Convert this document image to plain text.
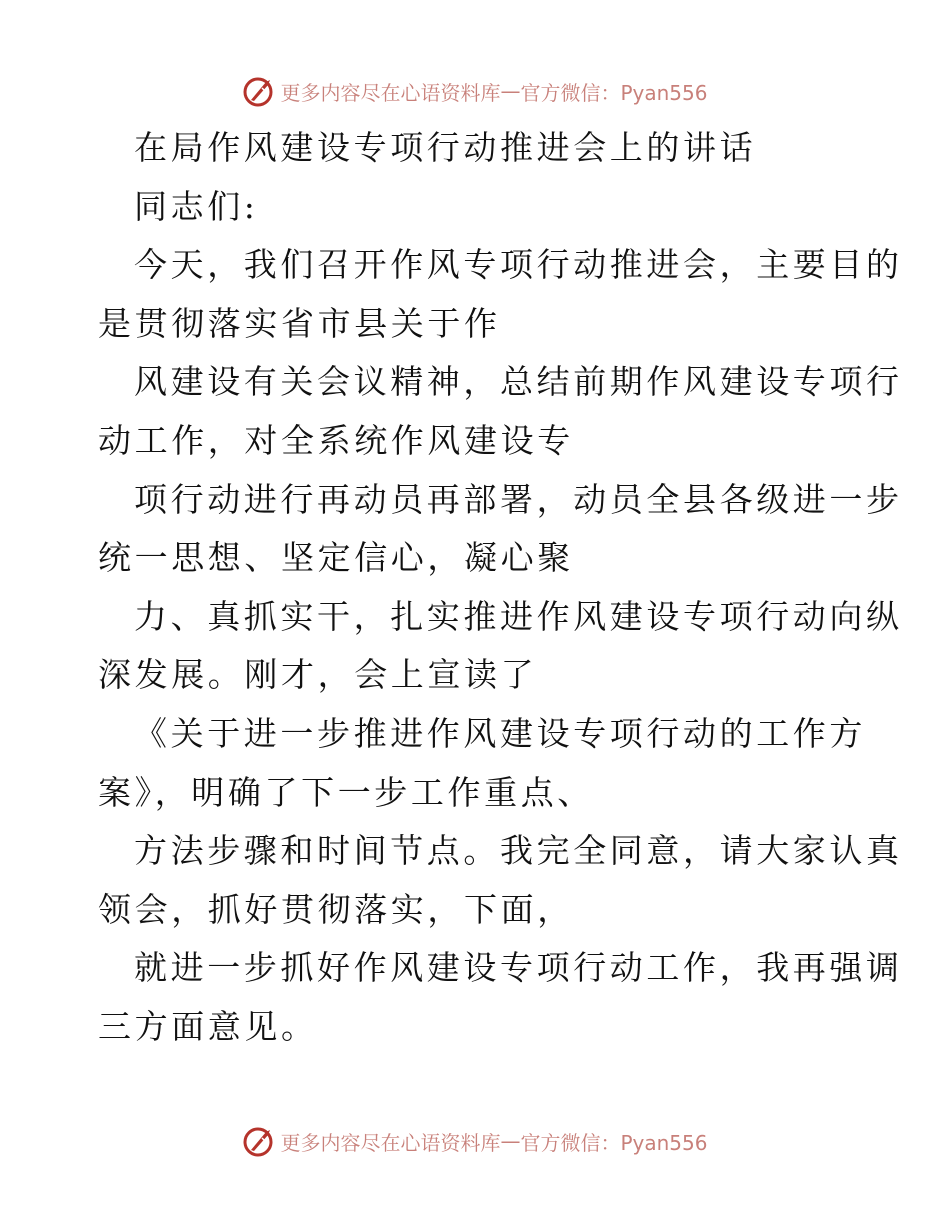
更多内容尽在心语资料库 — 官方微信：Pyan556
在局作风建设专项行动推进会上的讲话
同志们:
今天，我们召开作风专项行动推进会，主要目的
是贯彻落实省市县关于作
风建设有关会议精神，总结前期作风建设专项行
动工作，对全系统作风建设专
项行动进行再动员再部署，动员全县各级进一步
统一思想、坚定信心，凝心聚
力、真抓实干，扎实推进作风建设专项行动向纵
深发展。刚才，会上宣读了
《关于进一步推进作风建设专项行动的工作方
案》，明确了下一步工作重点、
方法步骤和时间节点。我完全同意，请大家认真
领会，抓好贯彻落实，下面，
就进一步抓好作风建设专项行动工作，我再强调
三方面意见。
更多内容尽在心语资料库 — 官方微信：Pyan556
